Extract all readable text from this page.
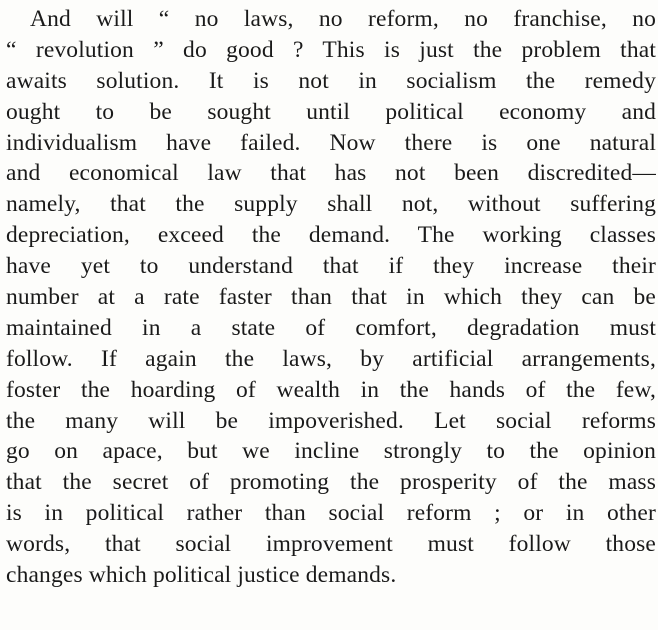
And will “ no laws, no reform, no franchise, no
“ revolution ” do good ? This is just the problem that
awaits solution. It is not in socialism the remedy
ought to be sought until political economy and
individualism have failed. Now there is one natural
and economical law that has not been discredited—
namely, that the supply shall not, without suffering
depreciation, exceed the demand. The working classes
have yet to understand that if they increase their
number at a rate faster than that in which they can be
maintained in a state of comfort, degradation must
follow. If again the laws, by artificial arrangements,
foster the hoarding of wealth in the hands of the few,
the many will be impoverished. Let social reforms
go on apace, but we incline strongly to the opinion
that the secret of promoting the prosperity of the mass
is in political rather than social reform ; or in other
words, that social improvement must follow those
changes which political justice demands.
